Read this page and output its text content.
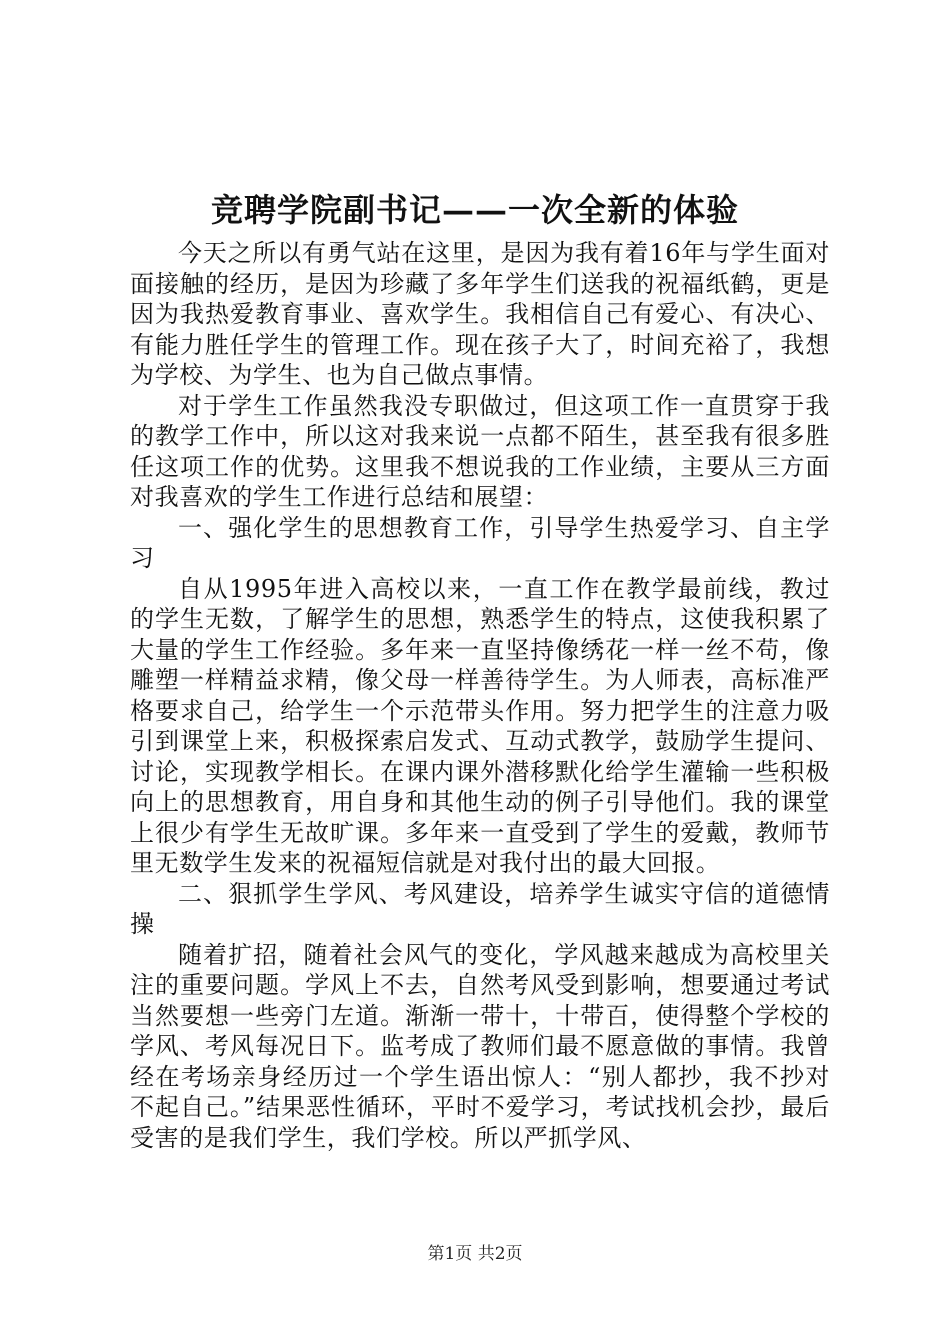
竞聘学院副书记——一次全新的体验

今天之所以有勇气站在这里，是因为我有着16年与学生面对面接触的经历，是因为珍藏了多年学生们送我的祝福纸鹤，更是因为我热爱教育事业、喜欢学生。我相信自己有爱心、有决心、有能力胜任学生的管理工作。现在孩子大了，时间充裕了，我想为学校、为学生、也为自己做点事情。

对于学生工作虽然我没专职做过，但这项工作一直贯穿于我的教学工作中，所以这对我来说一点都不陌生，甚至我有很多胜任这项工作的优势。这里我不想说我的工作业绩，主要从三方面对我喜欢的学生工作进行总结和展望：

一、强化学生的思想教育工作，引导学生热爱学习、自主学习

自从1995年进入高校以来，一直工作在教学最前线，教过的学生无数，了解学生的思想，熟悉学生的特点，这使我积累了大量的学生工作经验。多年来一直坚持像绣花一样一丝不苟，像雕塑一样精益求精，像父母一样善待学生。为人师表，高标准严格要求自己，给学生一个示范带头作用。努力把学生的注意力吸引到课堂上来，积极探索启发式、互动式教学，鼓励学生提问、讨论，实现教学相长。在课内课外潜移默化给学生灌输一些积极向上的思想教育，用自身和其他生动的例子引导他们。我的课堂上很少有学生无故旷课。多年来一直受到了学生的爱戴，教师节里无数学生发来的祝福短信就是对我付出的最大回报。

二、狠抓学生学风、考风建设，培养学生诚实守信的道德情操

随着扩招，随着社会风气的变化，学风越来越成为高校里关注的重要问题。学风上不去，自然考风受到影响，想要通过考试当然要想一些旁门左道。渐渐一带十，十带百，使得整个学校的学风、考风每况日下。监考成了教师们最不愿意做的事情。我曾经在考场亲身经历过一个学生语出惊人：“别人都抄，我不抄对不起自己。”结果恶性循环，平时不爱学习，考试找机会抄，最后受害的是我们学生，我们学校。所以严抓学风、

第1页 共2页
